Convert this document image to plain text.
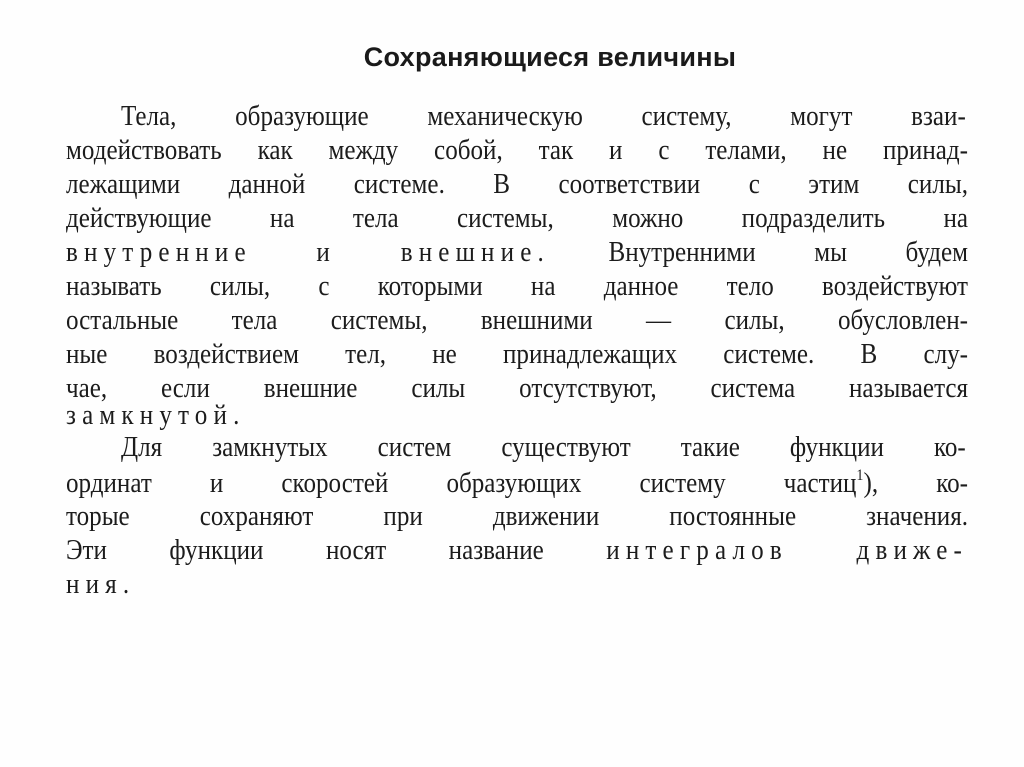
Сохраняющиеся величины
Тела, образующие механическую систему, могут взаи-
модействовать как между собой, так и с телами, не принад-
лежащими данной системе. В соответствии с этим силы,
действующие на тела системы, можно подразделить на
внутренние и внешние. Внутренними мы будем
называть силы, с которыми на данное тело воздействуют
остальные тела системы, внешними — силы, обусловлен-
ные воздействием тел, не принадлежащих системе. В слу-
чае, если внешние силы отсутствуют, система называется
замкнутой.
Для замкнутых систем существуют такие функции ко-
ординат и скоростей образующих систему частиц$^1$), ко-
торые сохраняют при движении постоянные значения.
Эти функции носят название интегралов движе-
ния.
